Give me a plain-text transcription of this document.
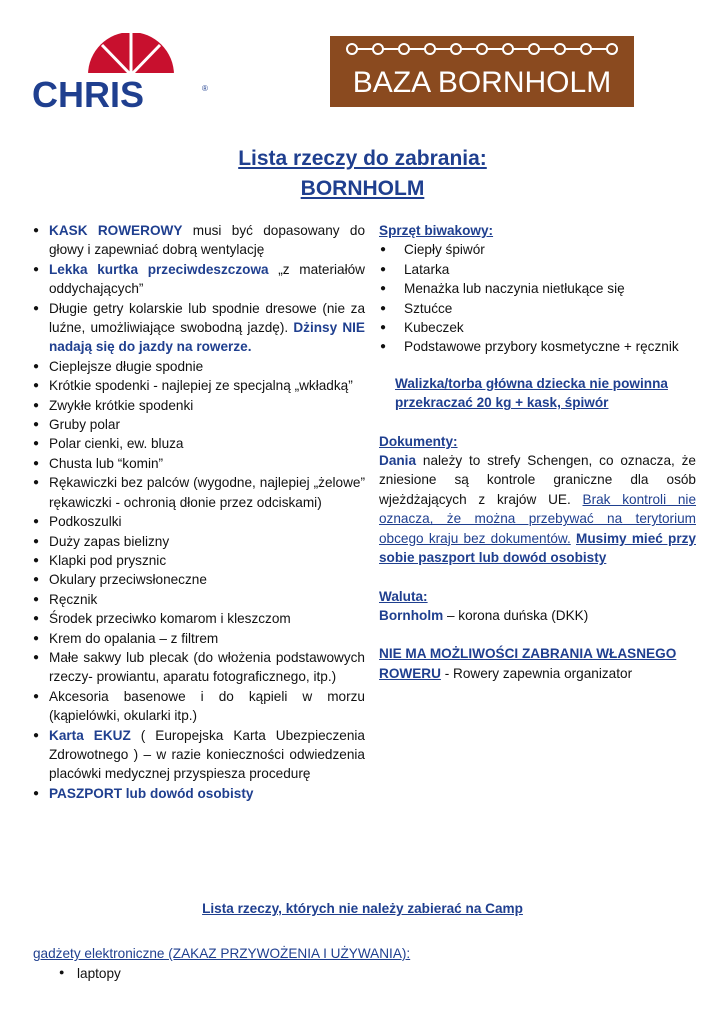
CHRIS	®	BAZA BORNHOLM
Lista rzeczy do zabrania:
BORNHOLM
● KASK ROWEROWY musi być dopasowany do głowy i zapewniać dobrą wentylację
● Lekka kurtka przeciwdeszczowa „z materiałów oddychających”
● Długie getry kolarskie lub spodnie dresowe (nie za luźne, umożliwiające swobodną jazdę). Dżinsy NIE nadają się do jazdy na rowerze.
● Cieplejsze długie spodnie
● Krótkie spodenki - najlepiej ze specjalną „wkładką”
● Zwykłe krótkie spodenki
● Gruby polar
● Polar cienki, ew. bluza
● Chusta lub “komin”
● Rękawiczki bez palców (wygodne, najlepiej „żelowe” rękawiczki - ochronią dłonie przez odciskami)
● Podkoszulki
● Duży zapas bielizny
● Klapki pod prysznic
● Okulary przeciwsłoneczne
● Ręcznik
● Środek przeciwko komarom i kleszczom
● Krem do opalania – z filtrem
● Małe sakwy lub plecak (do włożenia podstawowych rzeczy- prowiantu, aparatu fotograficznego, itp.)
● Akcesoria basenowe i do kąpieli w morzu (kąpielówki, okularki itp.)
● Karta EKUZ ( Europejska Karta Ubezpieczenia Zdrowotnego ) – w razie konieczności odwiedzenia placówki medycznej przyspiesza procedurę
● PASZPORT lub dowód osobisty
Sprzęt biwakowy:
● Ciepły śpiwór
● Latarka
● Menażka lub naczynia nietłukące się
● Sztućce
● Kubeczek
● Podstawowe przybory kosmetyczne + ręcznik
Walizka/torba główna dziecka nie powinna przekraczać 20 kg + kask, śpiwór
Dokumenty:
Dania należy to strefy Schengen, co oznacza, że zniesione są kontrole graniczne dla osób wjeżdżających z krajów UE. Brak kontroli nie oznacza, że można przebywać na terytorium obcego kraju bez dokumentów. Musimy mieć przy sobie paszport lub dowód osobisty
Waluta:
Bornholm – korona duńska (DKK)
NIE MA MOŻLIWOŚCI ZABRANIA WŁASNEGO ROWERU - Rowery zapewnia organizator
Lista rzeczy, których nie należy zabierać na Camp
gadżety elektroniczne (ZAKAZ PRZYWOŻENIA I UŻYWANIA):
● laptopy
